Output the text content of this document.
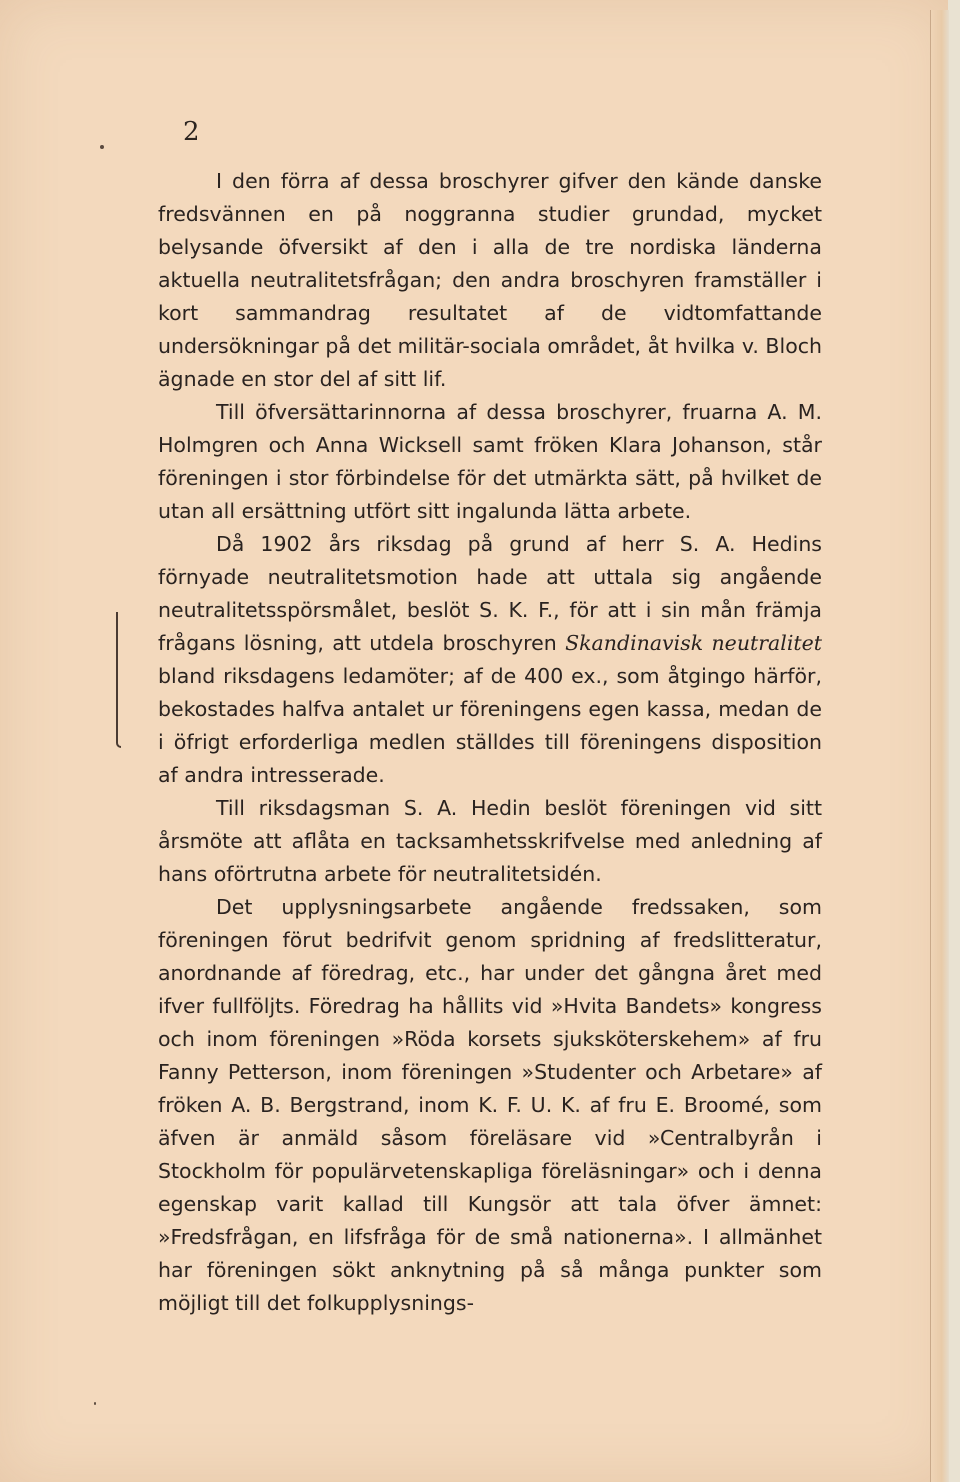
2

I den förra af dessa broschyrer gifver den kände danske fredsvännen en på noggranna studier grundad, mycket belysande öfversikt af den i alla de tre nordiska länderna aktuella neutralitetsfrågan; den andra broschyren framställer i kort sammandrag resultatet af de vidtomfattande undersökningar på det militär-sociala området, åt hvilka v. Bloch ägnade en stor del af sitt lif.

Till öfversättarinnorna af dessa broschyrer, fruarna A. M. Holmgren och Anna Wicksell samt fröken Klara Johanson, står föreningen i stor förbindelse för det utmärkta sätt, på hvilket de utan all ersättning utfört sitt ingalunda lätta arbete.

Då 1902 års riksdag på grund af herr S. A. Hedins förnyade neutralitetsmotion hade att uttala sig angående neutralitetsspörsmålet, beslöt S. K. F., för att i sin mån främja frågans lösning, att utdela broschyren Skandinavisk neutralitet bland riksdagens ledamöter; af de 400 ex., som åtgingo härför, bekostades halfva antalet ur föreningens egen kassa, medan de i öfrigt erforderliga medlen ställdes till föreningens disposition af andra intresserade.

Till riksdagsman S. A. Hedin beslöt föreningen vid sitt årsmöte att aflåta en tacksamhetsskrifvelse med anledning af hans oförtrutna arbete för neutralitetsidén.

Det upplysningsarbete angående fredssaken, som föreningen förut bedrifvit genom spridning af fredslitteratur, anordnande af föredrag, etc., har under det gångna året med ifver fullföljts. Föredrag ha hållits vid »Hvita Bandets» kongress och inom föreningen »Röda korsets sjuksköterskehem» af fru Fanny Petterson, inom föreningen »Studenter och Arbetare» af fröken A. B. Bergstrand, inom K. F. U. K. af fru E. Broomé, som äfven är anmäld såsom föreläsare vid »Centralbyrån i Stockholm för populärvetenskapliga föreläsningar» och i denna egenskap varit kallad till Kungsör att tala öfver ämnet: »Fredsfrågan, en lifsfråga för de små nationerna». I allmänhet har föreningen sökt anknytning på så många punkter som möjligt till det folkupplysnings-
